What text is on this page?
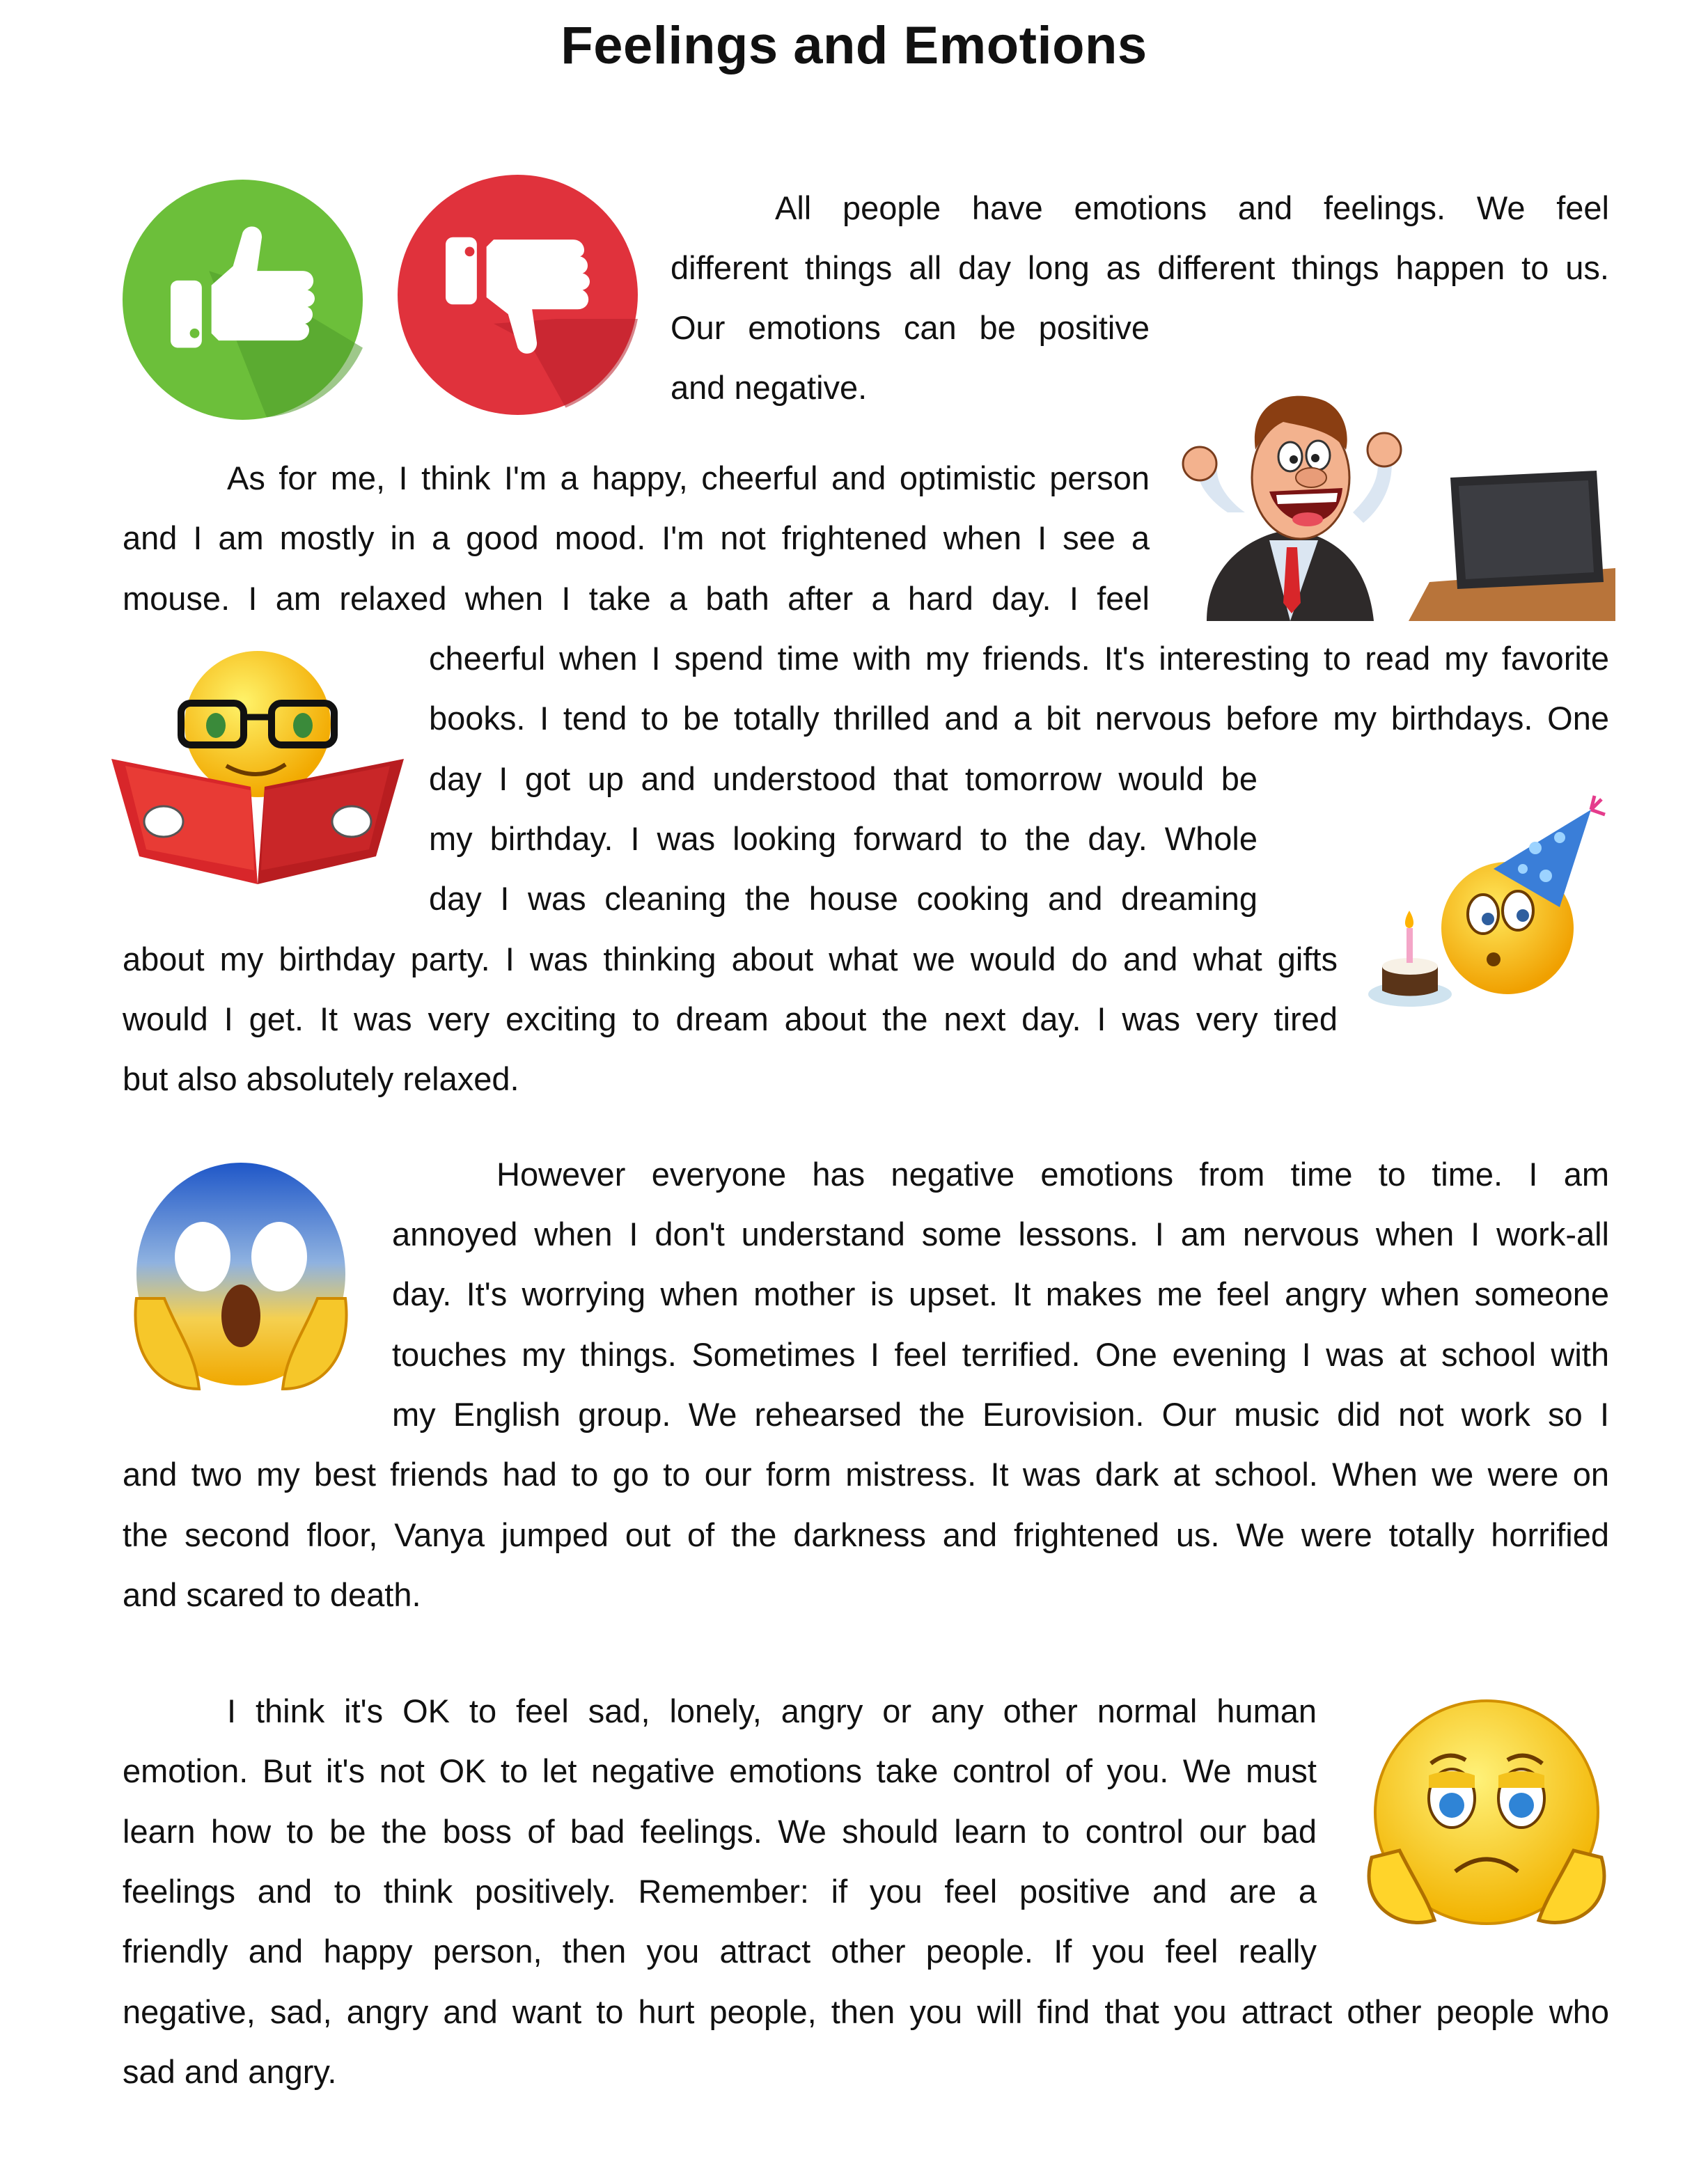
Feelings and Emotions
All people have emotions and feelings. We feel
different things all day long as different things happen to us.
Our emotions can be positive
and negative.
As for me, I think I'm a happy, cheerful and optimistic person
and I am mostly in a good mood. I'm not frightened when I see a
mouse. I am relaxed when I take a bath after a hard day. I feel
cheerful when I spend time with my friends. It's interesting to read my favorite
books. I tend to be totally thrilled and a bit nervous before my birthdays. One
day I got up and understood that tomorrow would be
my birthday. I was looking forward to the day. Whole
day I was cleaning the house cooking and dreaming
about my birthday party. I was thinking about what we would do and what gifts
would I get. It was very exciting to dream about the next day. I was very tired
but also absolutely relaxed.
However everyone has negative emotions from time to time. I am
annoyed when I don't understand some lessons. I am nervous when I work-all
day. It's worrying when mother is upset. It makes me feel angry when someone
touches my things. Sometimes I feel terrified. One evening I was at school with
my English group. We rehearsed the Eurovision. Our music did not work so I
and two my best friends had to go to our form mistress. It was dark at school. When we were on
the second floor, Vanya jumped out of the darkness and frightened us. We were totally horrified
and scared to death.
I think it's OK to feel sad, lonely, angry or any other normal human
emotion. But it's not OK to let negative emotions take control of you. We must
learn how to be the boss of bad feelings. We should learn to control our bad
feelings and to think positively. Remember: if you feel positive and are a
friendly and happy person, then you attract other people. If you feel really
negative, sad, angry and want to hurt people, then you will find that you attract other people who
sad and angry.
